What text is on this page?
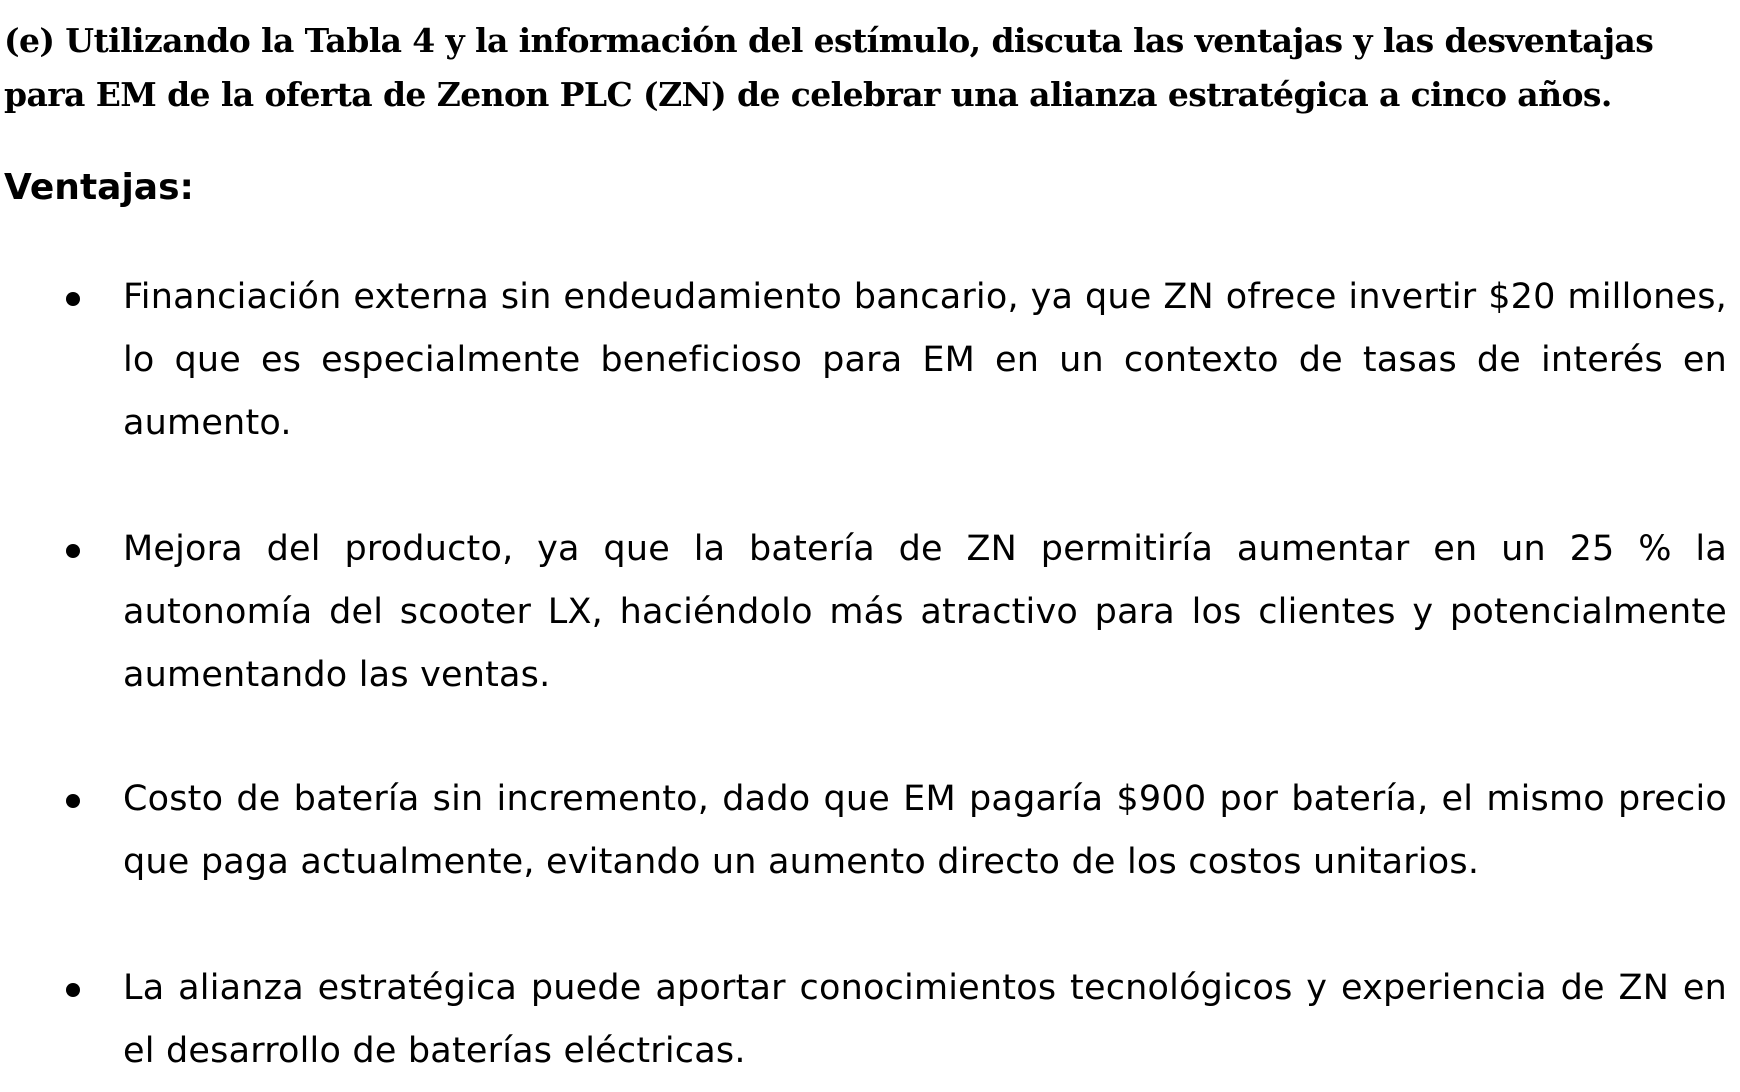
(e) Utilizando la Tabla 4 y la información del estímulo, discuta las ventajas y las desventajas para EM de la oferta de Zenon PLC (ZN) de celebrar una alianza estratégica a cinco años.

Ventajas:

Financiación externa sin endeudamiento bancario, ya que ZN ofrece invertir $20 millones, lo que es especialmente beneficioso para EM en un contexto de tasas de interés en aumento.

Mejora del producto, ya que la batería de ZN permitiría aumentar en un 25 % la autonomía del scooter LX, haciéndolo más atractivo para los clientes y potencialmente aumentando las ventas.

Costo de batería sin incremento, dado que EM pagaría $900 por batería, el mismo precio que paga actualmente, evitando un aumento directo de los costos unitarios.

La alianza estratégica puede aportar conocimientos tecnológicos y experiencia de ZN en el desarrollo de baterías eléctricas.
